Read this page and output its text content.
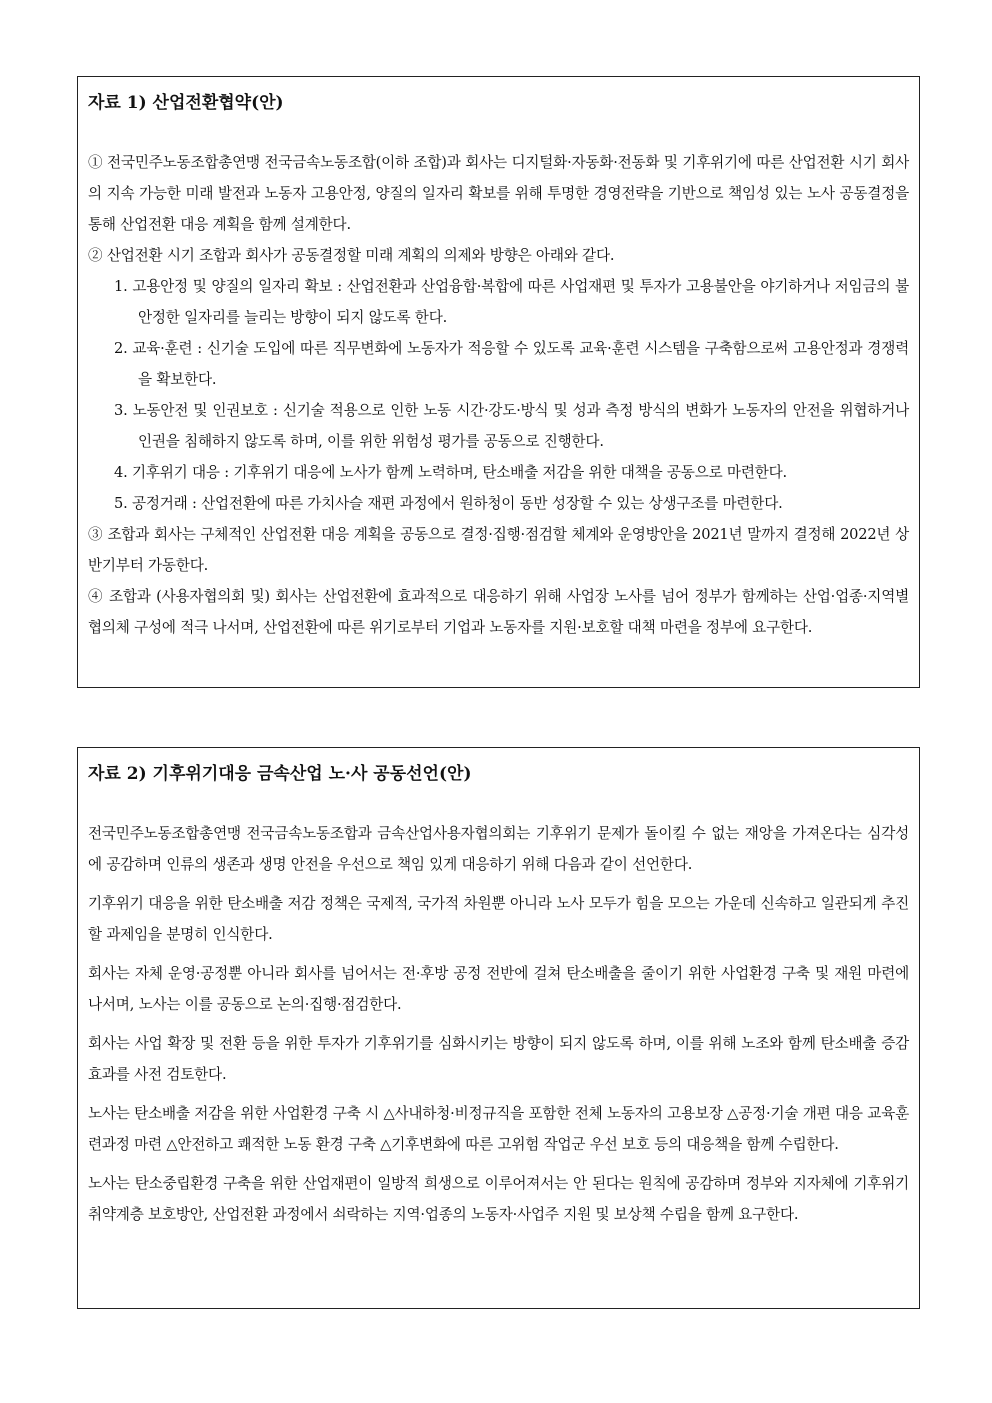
자료 1) 산업전환협약(안)

① 전국민주노동조합총연맹 전국금속노동조합(이하 조합)과 회사는 디지털화·자동화·전동화 및 기후위기에 따른 산업전환 시기 회사의 지속 가능한 미래 발전과 노동자 고용안정, 양질의 일자리 확보를 위해 투명한 경영전략을 기반으로 책임성 있는 노사 공동결정을 통해 산업전환 대응 계획을 함께 설계한다.

② 산업전환 시기 조합과 회사가 공동결정할 미래 계획의 의제와 방향은 아래와 같다.

1. 고용안정 및 양질의 일자리 확보 : 산업전환과 산업융합·복합에 따른 사업재편 및 투자가 고용불안을 야기하거나 저임금의 불안정한 일자리를 늘리는 방향이 되지 않도록 한다.

2. 교육·훈련 : 신기술 도입에 따른 직무변화에 노동자가 적응할 수 있도록 교육·훈련 시스템을 구축함으로써 고용안정과 경쟁력을 확보한다.

3. 노동안전 및 인권보호 : 신기술 적용으로 인한 노동 시간·강도·방식 및 성과 측정 방식의 변화가 노동자의 안전을 위협하거나 인권을 침해하지 않도록 하며, 이를 위한 위험성 평가를 공동으로 진행한다.

4. 기후위기 대응 : 기후위기 대응에 노사가 함께 노력하며, 탄소배출 저감을 위한 대책을 공동으로 마련한다.

5. 공정거래 : 산업전환에 따른 가치사슬 재편 과정에서 원하청이 동반 성장할 수 있는 상생구조를 마련한다.

③ 조합과 회사는 구체적인 산업전환 대응 계획을 공동으로 결정·집행·점검할 체계와 운영방안을 2021년 말까지 결정해 2022년 상반기부터 가동한다.

④ 조합과 (사용자협의회 및) 회사는 산업전환에 효과적으로 대응하기 위해 사업장 노사를 넘어 정부가 함께하는 산업·업종·지역별 협의체 구성에 적극 나서며, 산업전환에 따른 위기로부터 기업과 노동자를 지원·보호할 대책 마련을 정부에 요구한다.

자료 2) 기후위기대응 금속산업 노·사 공동선언(안)

전국민주노동조합총연맹 전국금속노동조합과 금속산업사용자협의회는 기후위기 문제가 돌이킬 수 없는 재앙을 가져온다는 심각성에 공감하며 인류의 생존과 생명 안전을 우선으로 책임 있게 대응하기 위해 다음과 같이 선언한다.

기후위기 대응을 위한 탄소배출 저감 정책은 국제적, 국가적 차원뿐 아니라 노사 모두가 힘을 모으는 가운데 신속하고 일관되게 추진할 과제임을 분명히 인식한다.

회사는 자체 운영·공정뿐 아니라 회사를 넘어서는 전·후방 공정 전반에 걸쳐 탄소배출을 줄이기 위한 사업환경 구축 및 재원 마련에 나서며, 노사는 이를 공동으로 논의·집행·점검한다.

회사는 사업 확장 및 전환 등을 위한 투자가 기후위기를 심화시키는 방향이 되지 않도록 하며, 이를 위해 노조와 함께 탄소배출 증감효과를 사전 검토한다.

노사는 탄소배출 저감을 위한 사업환경 구축 시 △사내하청·비정규직을 포함한 전체 노동자의 고용보장 △공정·기술 개편 대응 교육훈련과정 마련 △안전하고 쾌적한 노동 환경 구축 △기후변화에 따른 고위험 작업군 우선 보호 등의 대응책을 함께 수립한다.

노사는 탄소중립환경 구축을 위한 산업재편이 일방적 희생으로 이루어져서는 안 된다는 원칙에 공감하며 정부와 지자체에 기후위기 취약계층 보호방안, 산업전환 과정에서 쇠락하는 지역·업종의 노동자·사업주 지원 및 보상책 수립을 함께 요구한다.
